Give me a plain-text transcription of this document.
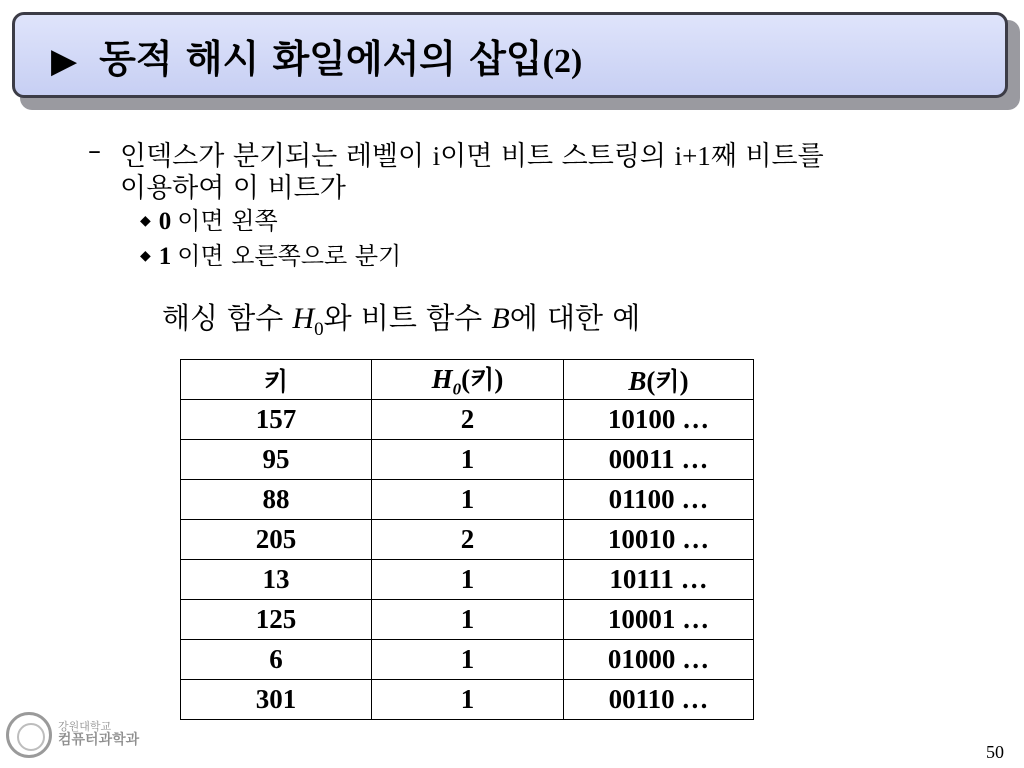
▶ 동적 해시 화일에서의 삽입(2)
– 인덱스가 분기되는 레벨이 i이면 비트 스트링의 i+1째 비트를
이용하여 이 비트가
◆ 0 이면 왼쪽
◆ 1 이면 오른쪽으로 분기
해싱 함수 $H_0$와 비트 함수 B에 대한 예
키	$H_0$(키)	B(키)
157	2	10100 …
95	1	00011 …
88	1	01100 …
205	2	10010 …
13	1	10111 …
125	1	10001 …
6	1	01000 …
301	1	00110 …
강원대학교
컴퓨터과학과
50
